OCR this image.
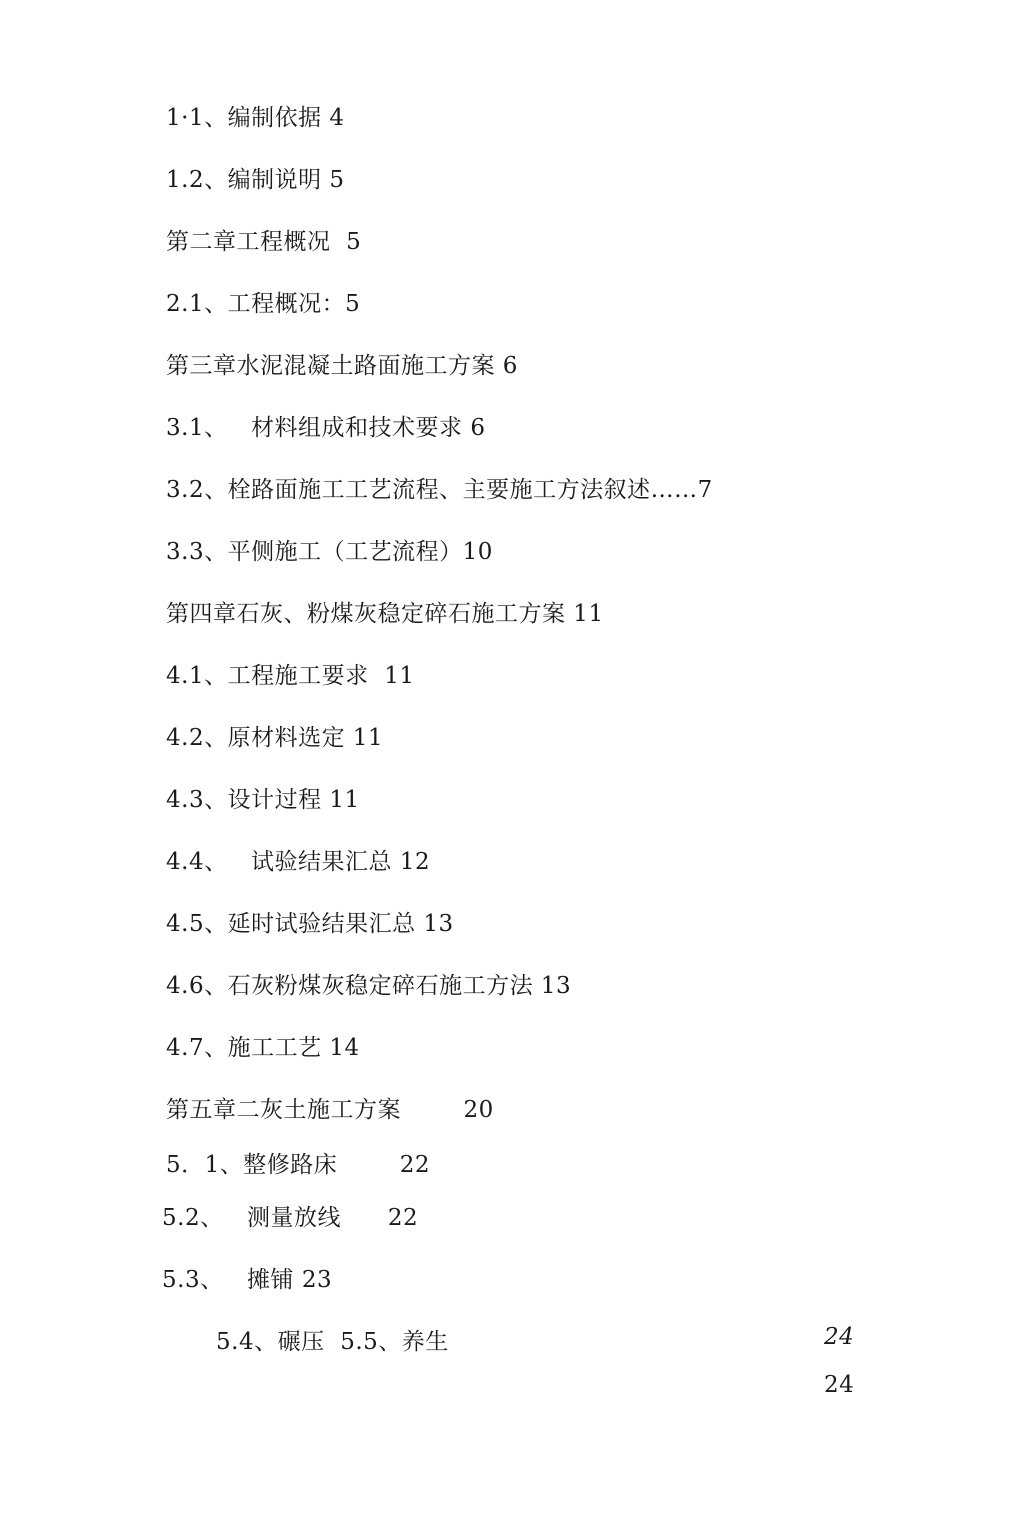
1·1、编制依据 4
1.2、编制说明 5
第二章工程概况  5
2.1、工程概况：5
第三章水泥混凝土路面施工方案 6
3.1、   材料组成和技术要求 6
3.2、栓路面施工工艺流程、主要施工方法叙述……7
3.3、平侧施工（工艺流程）10
第四章石灰、粉煤灰稳定碎石施工方案 11
4.1、工程施工要求  11
4.2、原材料选定 11
4.3、设计过程 11
4.4、   试验结果汇总 12
4.5、延时试验结果汇总 13
4.6、石灰粉煤灰稳定碎石施工方法 13
4.7、施工工艺 14
第五章二灰土施工方案        20
5．1、整修路床        22
5.2、   测量放线      22
5.3、   摊铺 23
5.4、碾压  5.5、养生	24
24
